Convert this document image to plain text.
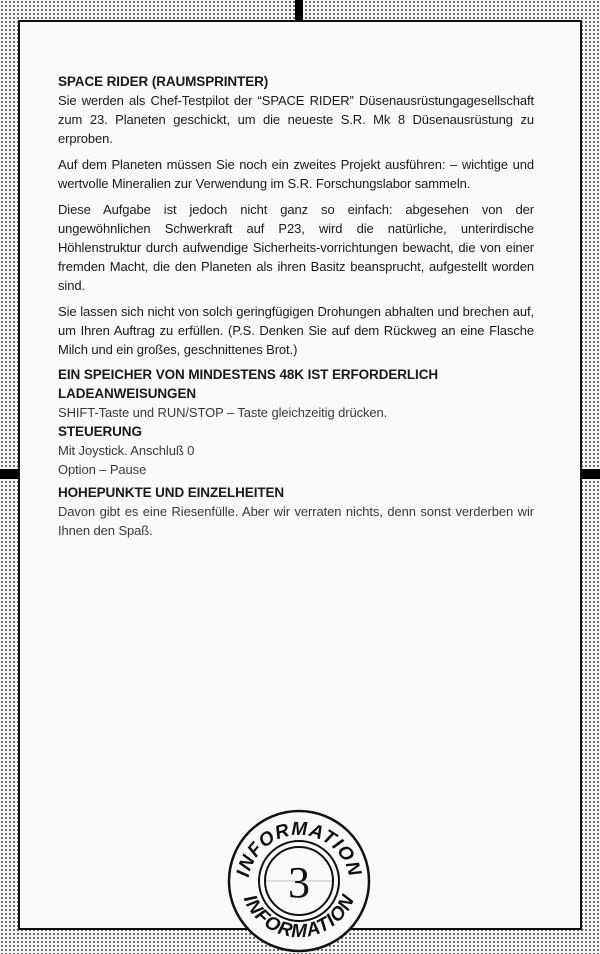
SPACE RIDER (RAUMSPRINTER)

Sie werden als Chef-Testpilot der “SPACE RIDER” Düsenausrüstungagesellschaft zum 23. Planeten geschickt, um die neueste S.R. Mk 8 Düsenausrüstung zu erproben.

Auf dem Planeten müssen Sie noch ein zweites Projekt ausführen: – wichtige und wertvolle Mineralien zur Verwendung im S.R. Forschungslabor sammeln.

Diese Aufgabe ist jedoch nicht ganz so einfach: abgesehen von der ungewöhnlichen Schwerkraft auf P23, wird die natürliche, unterirdische Höhlenstruktur durch aufwendige Sicherheits-vorrichtungen bewacht, die von einer fremden Macht, die den Planeten als ihren Basitz beansprucht, aufgestellt worden sind.

Sie lassen sich nicht von solch geringfügigen Drohungen abhalten und brechen auf, um Ihren Auftrag zu erfüllen. (P.S. Denken Sie auf dem Rückweg an eine Flasche Milch und ein großes, geschnittenes Brot.)

EIN SPEICHER VON MINDESTENS 48K IST ERFORDERLICH

LADEANWEISUNGEN

SHIFT-Taste und RUN/STOP – Taste gleichzeitig drücken.

STEUERUNG

Mit Joystick. Anschluß 0

Option – Pause

HOHEPUNKTE UND EINZELHEITEN

Davon gibt es eine Riesenfülle. Aber wir verraten nichts, denn sonst verderben wir Ihnen den Spaß.

INFORMATION
INFORMATION
3
